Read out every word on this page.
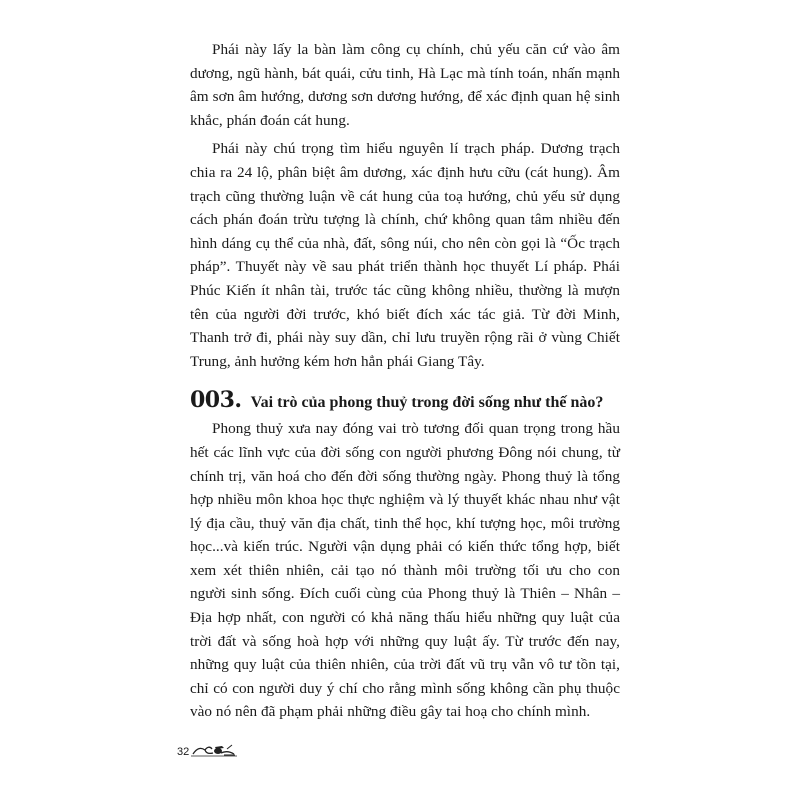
Phái này lấy la bàn làm công cụ chính, chủ yếu căn cứ vào âm dương, ngũ hành, bát quái, cửu tinh, Hà Lạc mà tính toán, nhấn mạnh âm sơn âm hướng, dương sơn dương hướng, để xác định quan hệ sinh khắc, phán đoán cát hung.

Phái này chú trọng tìm hiểu nguyên lí trạch pháp. Dương trạch chia ra 24 lộ, phân biệt âm dương, xác định hưu cữu (cát hung). Âm trạch cũng thường luận về cát hung của toạ hướng, chủ yếu sử dụng cách phán đoán trừu tượng là chính, chứ không quan tâm nhiều đến hình dáng cụ thể của nhà, đất, sông núi, cho nên còn gọi là “Ốc trạch pháp”. Thuyết này về sau phát triển thành học thuyết Lí pháp. Phái Phúc Kiến ít nhân tài, trước tác cũng không nhiều, thường là mượn tên của người đời trước, khó biết đích xác tác giả. Từ đời Minh, Thanh trở đi, phái này suy dần, chỉ lưu truyền rộng rãi ở vùng Chiết Trung, ảnh hưởng kém hơn hẳn phái Giang Tây.

003. Vai trò của phong thuỷ trong đời sống như thế nào?

Phong thuỷ xưa nay đóng vai trò tương đối quan trọng trong hầu hết các lĩnh vực của đời sống con người phương Đông nói chung, từ chính trị, văn hoá cho đến đời sống thường ngày. Phong thuỷ là tổng hợp nhiều môn khoa học thực nghiệm và lý thuyết khác nhau như vật lý địa cầu, thuỷ văn địa chất, tinh thể học, khí tượng học, môi trường học...và kiến trúc. Người vận dụng phải có kiến thức tổng hợp, biết xem xét thiên nhiên, cải tạo nó thành môi trường tối ưu cho con người sinh sống. Đích cuối cùng của Phong thuỷ là Thiên – Nhân – Địa hợp nhất, con người có khả năng thấu hiểu những quy luật của trời đất và sống hoà hợp với những quy luật ấy. Từ trước đến nay, những quy luật của thiên nhiên, của trời đất vũ trụ vẫn vô tư tồn tại, chỉ có con người duy ý chí cho rằng mình sống không cần phụ thuộc vào nó nên đã phạm phải những điều gây tai hoạ cho chính mình.

32
